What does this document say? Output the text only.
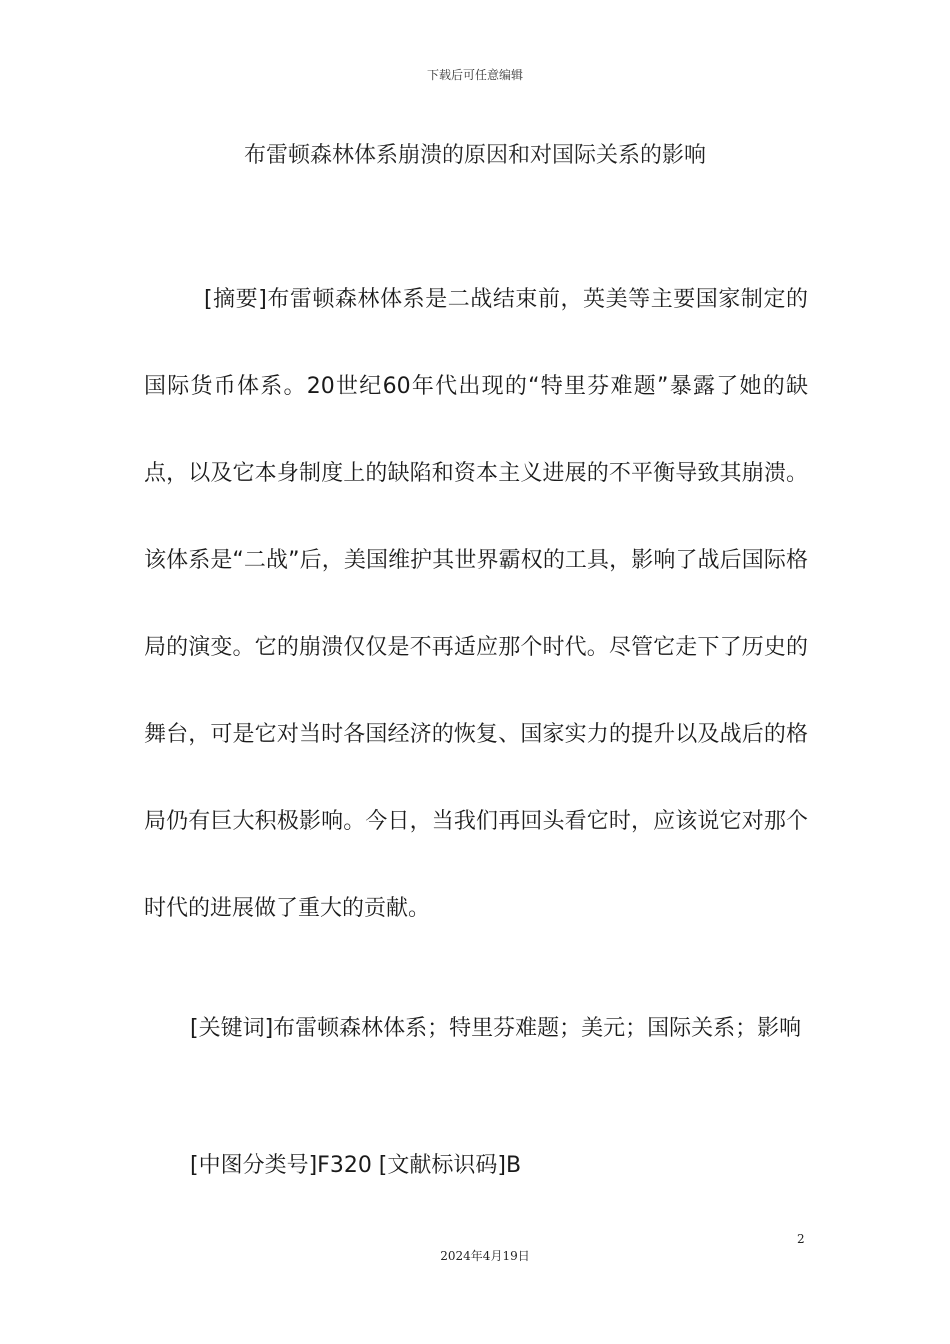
下载后可任意编辑
布雷顿森林体系崩溃的原因和对国际关系的影响

[摘要]布雷顿森林体系是二战结束前，英美等主要国家制定的国际货币体系。20世纪60年代出现的“特里芬难题”暴露了她的缺点，以及它本身制度上的缺陷和资本主义进展的不平衡导致其崩溃。该体系是“二战”后，美国维护其世界霸权的工具，影响了战后国际格局的演变。它的崩溃仅仅是不再适应那个时代。尽管它走下了历史的舞台，可是它对当时各国经济的恢复、国家实力的提升以及战后的格局仍有巨大积极影响。今日，当我们再回头看它时，应该说它对那个时代的进展做了重大的贡献。

[关键词]布雷顿森林体系；特里芬难题；美元；国际关系；影响

[中图分类号]F320 [文献标识码]B

2
2024年4月19日
